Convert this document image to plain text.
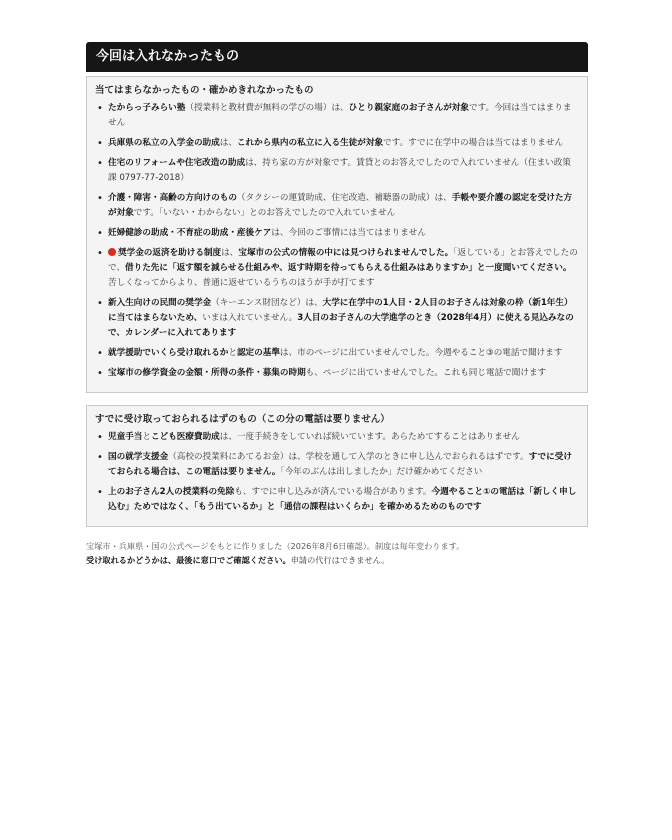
今回は入れなかったもの
当てはまらなかったもの・確かめきれなかったもの
• たからっ子みらい塾（授業料と教材費が無料の学びの場）は、ひとり親家庭のお子さんが対象です。今回は当てはまりません
• 兵庫県の私立の入学金の助成は、これから県内の私立に入る生徒が対象です。すでに在学中の場合は当てはまりません
• 住宅のリフォームや住宅改造の助成は、持ち家の方が対象です。賃貸とのお答えでしたので入れていません（住まい政策課 0797-77-2018）
• 介護・障害・高齢の方向けのもの（タクシーの運賃助成、住宅改造、補聴器の助成）は、手帳や要介護の認定を受けた方が対象です。「いない・わからない」とのお答えでしたので入れていません
• 妊婦健診の助成・不育症の助成・産後ケアは、今回のご事情には当てはまりません
• 奨学金の返済を助ける制度は、宝塚市の公式の情報の中には見つけられませんでした。「返している」とお答えでしたので、借りた先に「返す額を減らせる仕組みや、返す時期を待ってもらえる仕組みはありますか」と一度聞いてください。苦しくなってからより、普通に返せているうちのほうが手が打てます
• 新入生向けの民間の奨学金（キーエンス財団など）は、大学に在学中の1人目・2人目のお子さんは対象の枠（新1年生）に当てはまらないため、いまは入れていません。3人目のお子さんの大学進学のとき（2028年4月）に使える見込みなので、カレンダーに入れてあります
• 就学援助でいくら受け取れるかと認定の基準は、市のページに出ていませんでした。今週やること③の電話で聞けます
• 宝塚市の修学資金の金額・所得の条件・募集の時期も、ページに出ていませんでした。これも同じ電話で聞けます
すでに受け取っておられるはずのもの（この分の電話は要りません）
• 児童手当とこども医療費助成は、一度手続きをしていれば続いています。あらためてすることはありません
• 国の就学支援金（高校の授業料にあてるお金）は、学校を通して入学のときに申し込んでおられるはずです。すでに受けておられる場合は、この電話は要りません。「今年のぶんは出しましたか」だけ確かめてください
• 上のお子さん2人の授業料の免除も、すでに申し込みが済んでいる場合があります。今週やること①の電話は「新しく申し込む」ためではなく、「もう出ているか」と「通信の課程はいくらか」を確かめるためのものです
宝塚市・兵庫県・国の公式ページをもとに作りました（2026年8月6日確認）。制度は毎年変わります。
受け取れるかどうかは、最後に窓口でご確認ください。申請の代行はできません。
